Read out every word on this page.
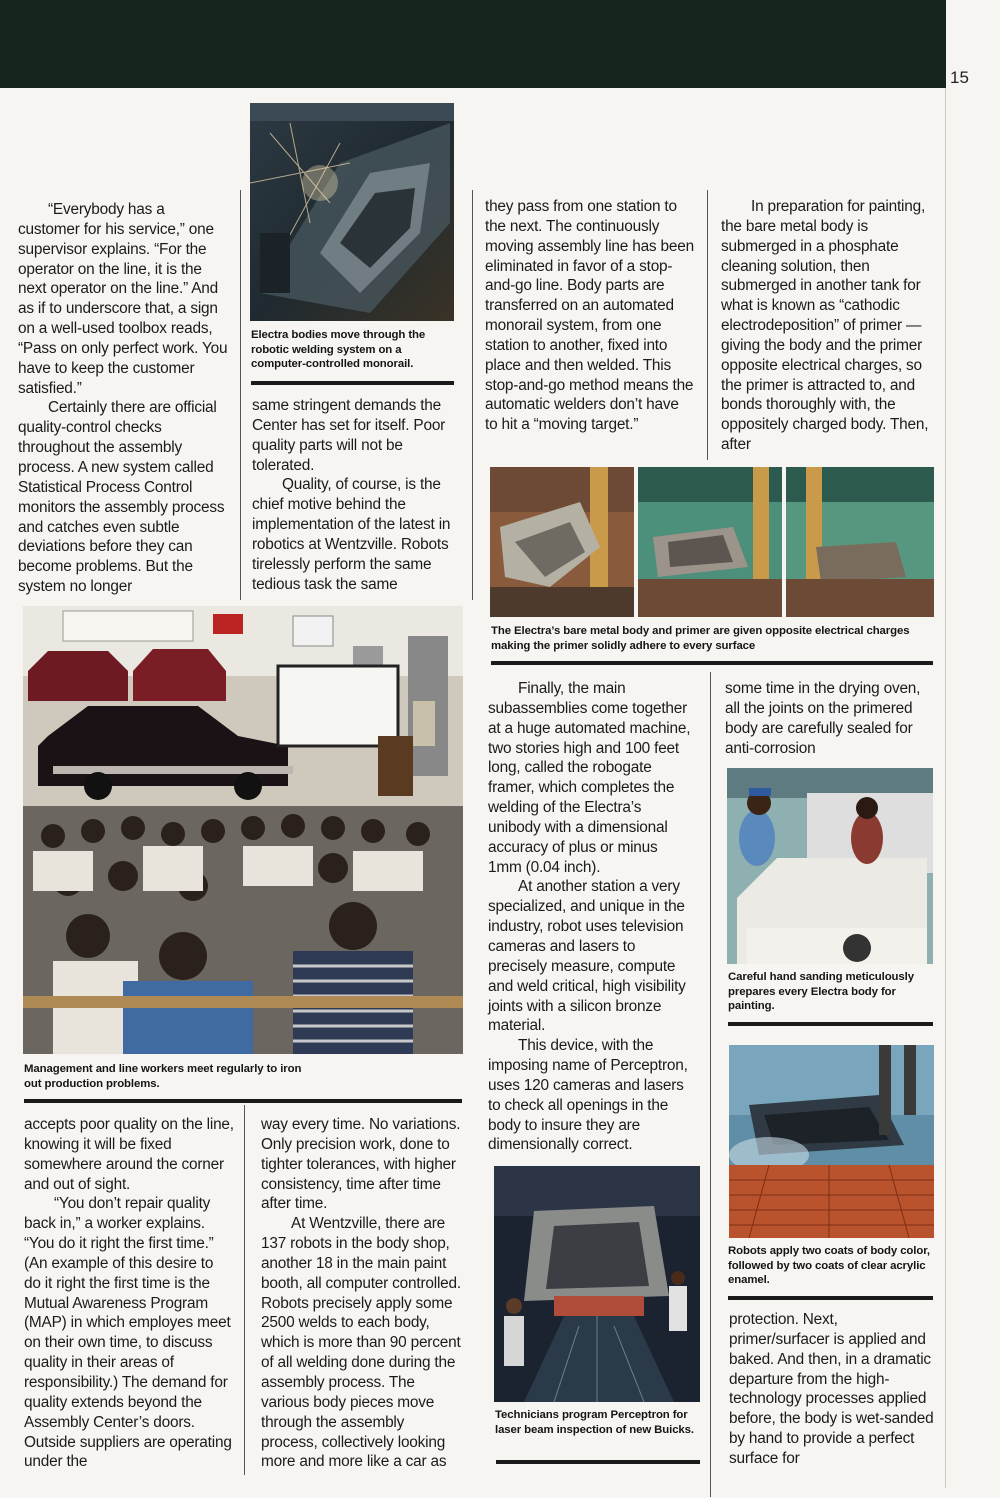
15

“Everybody has a customer for his service,” one supervisor explains. “For the operator on the line, it is the next operator on the line.” And as if to underscore that, a sign on a well-used toolbox reads, “Pass on only perfect work. You have to keep the customer satisfied.”

Certainly there are official quality-control checks throughout the assembly process. A new system called Statistical Process Control monitors the assembly process and catches even subtle deviations before they can become problems. But the system no longer

Electra bodies move through the robotic welding system on a computer-controlled monorail.

same stringent demands the Center has set for itself. Poor quality parts will not be tolerated.

Quality, of course, is the chief motive behind the implementation of the latest in robotics at Wentzville. Robots tirelessly perform the same tedious task the same

they pass from one station to the next. The continuously moving assembly line has been eliminated in favor of a stop-and-go line. Body parts are transferred on an automated monorail system, from one station to another, fixed into place and then welded. This stop-and-go method means the automatic welders don’t have to hit a “moving target.”

In preparation for painting, the bare metal body is submerged in a phosphate cleaning solution, then submerged in another tank for what is known as “cathodic electrodeposition” of primer — giving the body and the primer opposite electrical charges, so the primer is attracted to, and bonds thoroughly with, the oppositely charged body. Then, after

The Electra’s bare metal body and primer are given opposite electrical charges making the primer solidly adhere to every surface
Management and line workers meet regularly to iron out production problems.

Finally, the main subassemblies come together at a huge automated machine, two stories high and 100 feet long, called the robogate framer, which completes the welding of the Electra’s unibody with a dimensional accuracy of plus or minus 1mm (0.04 inch).

At another station a very specialized, and unique in the industry, robot uses television cameras and lasers to precisely measure, compute and weld critical, high visibility joints with a silicon bronze material.

This device, with the imposing name of Perceptron, uses 120 cameras and lasers to check all openings in the body to insure they are dimensionally correct.

some time in the drying oven, all the joints on the primered body are carefully sealed for anti-corrosion

Careful hand sanding meticulously prepares every Electra body for painting.
Robots apply two coats of body color, followed by two coats of clear acrylic enamel.
Technicians program Perceptron for laser beam inspection of new Buicks.

accepts poor quality on the line, knowing it will be fixed somewhere around the corner and out of sight.

“You don’t repair quality back in,” a worker explains. “You do it right the first time.” (An example of this desire to do it right the first time is the Mutual Awareness Program (MAP) in which employes meet on their own time, to discuss quality in their areas of responsibility.) The demand for quality extends beyond the Assembly Center’s doors. Outside suppliers are operating under the

way every time. No variations. Only precision work, done to tighter tolerances, with higher consistency, time after time after time.

At Wentzville, there are 137 robots in the body shop, another 18 in the main paint booth, all computer controlled. Robots precisely apply some 2500 welds to each body, which is more than 90 percent of all welding done during the assembly process. The various body pieces move through the assembly process, collectively looking more and more like a car as

protection. Next, primer/surfacer is applied and baked. And then, in a dramatic departure from the high-technology processes applied before, the body is wet-sanded by hand to provide a perfect surface for
